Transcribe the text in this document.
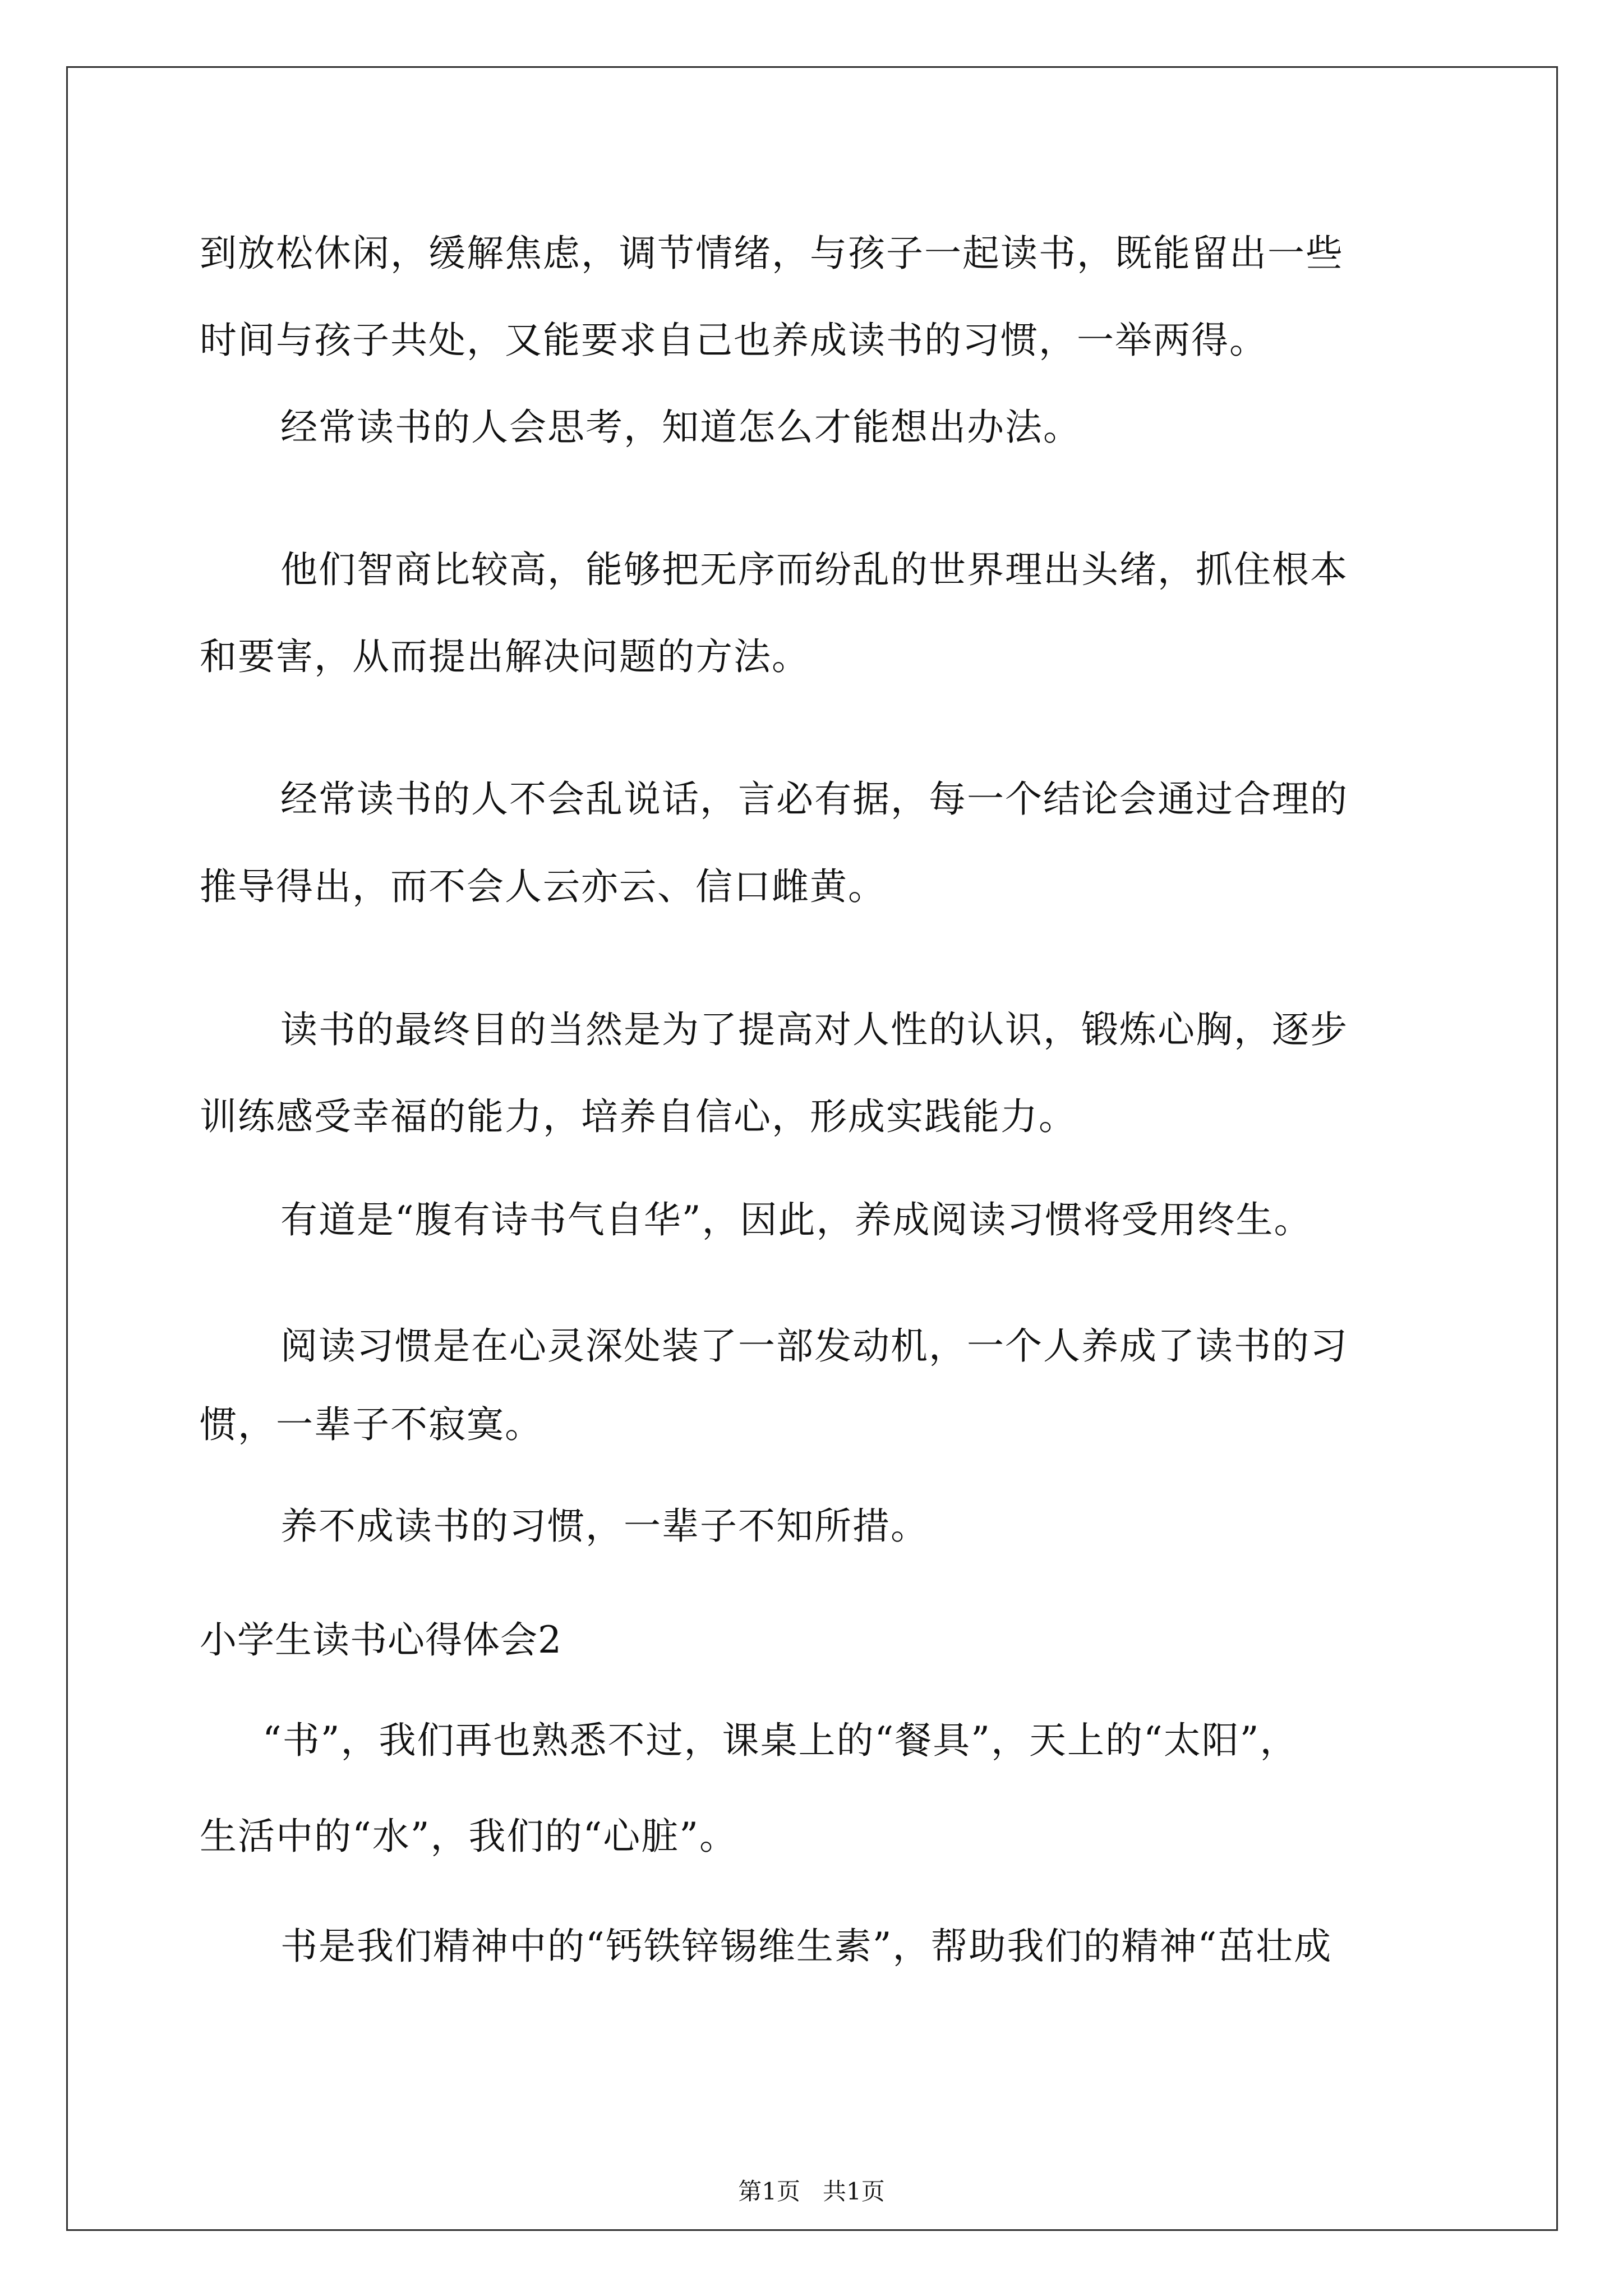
到放松休闲，缓解焦虑，调节情绪，与孩子一起读书，既能留出一些
时间与孩子共处，又能要求自己也养成读书的习惯，一举两得。
经常读书的人会思考，知道怎么才能想出办法。
他们智商比较高，能够把无序而纷乱的世界理出头绪，抓住根本
和要害，从而提出解决问题的方法。
经常读书的人不会乱说话，言必有据，每一个结论会通过合理的
推导得出，而不会人云亦云、信口雌黄。
读书的最终目的当然是为了提高对人性的认识，锻炼心胸，逐步
训练感受幸福的能力，培养自信心，形成实践能力。
有道是“腹有诗书气自华”，因此，养成阅读习惯将受用终生。
阅读习惯是在心灵深处装了一部发动机，一个人养成了读书的习
惯，一辈子不寂寞。
养不成读书的习惯，一辈子不知所措。
小学生读书心得体会2
“书”，我们再也熟悉不过，课桌上的“餐具”，天上的“太阳”，
生活中的“水”，我们的“心脏”。
书是我们精神中的“钙铁锌锡维生素”，帮助我们的精神“茁壮成
第1页   共1页
